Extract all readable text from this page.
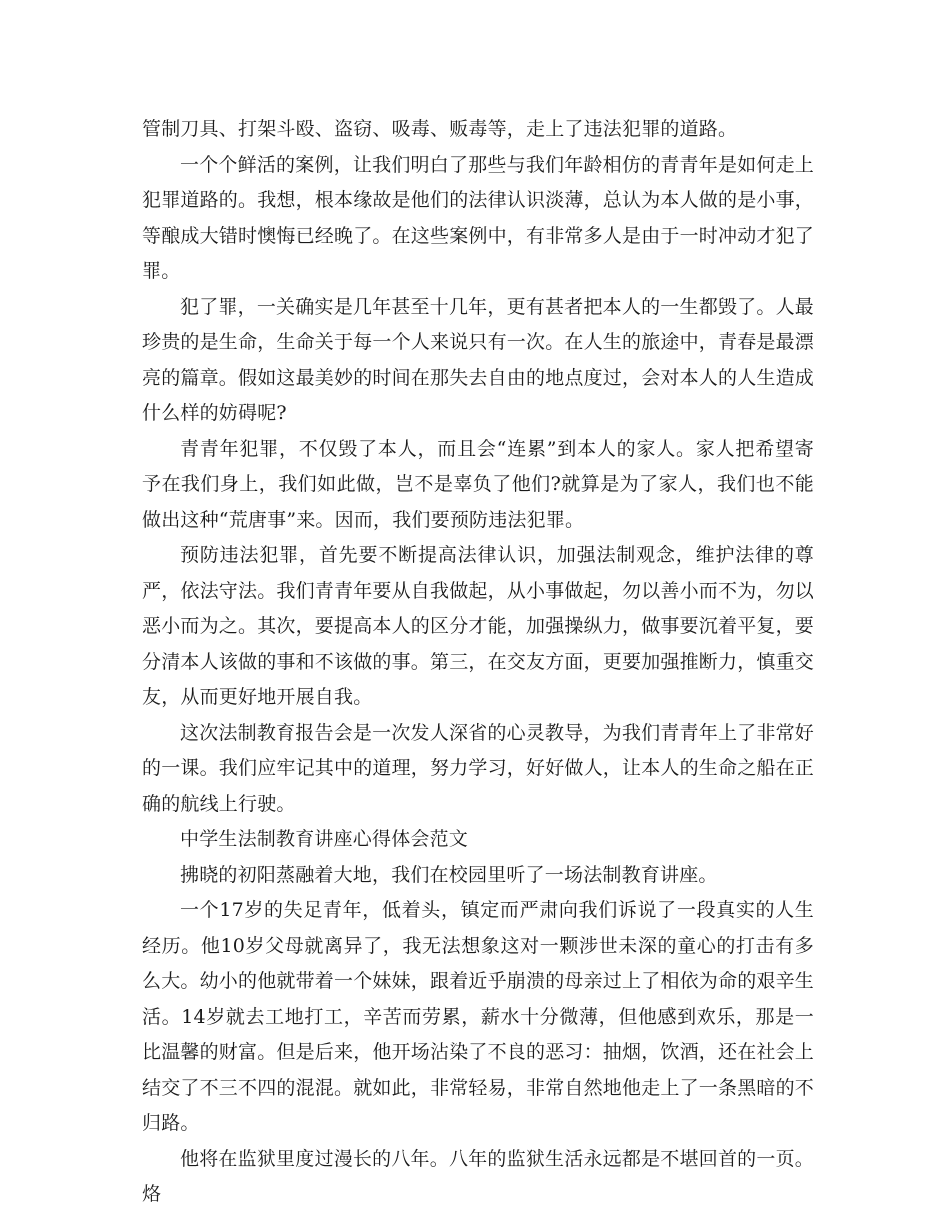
管制刀具、打架斗殴、盗窃、吸毒、贩毒等，走上了违法犯罪的道路。

一个个鲜活的案例，让我们明白了那些与我们年龄相仿的青青年是如何走上犯罪道路的。我想，根本缘故是他们的法律认识淡薄，总认为本人做的是小事，等酿成大错时懊悔已经晚了。在这些案例中，有非常多人是由于一时冲动才犯了罪。

犯了罪，一关确实是几年甚至十几年，更有甚者把本人的一生都毁了。人最珍贵的是生命，生命关于每一个人来说只有一次。在人生的旅途中，青春是最漂亮的篇章。假如这最美妙的时间在那失去自由的地点度过，会对本人的人生造成什么样的妨碍呢?

青青年犯罪，不仅毁了本人，而且会“连累”到本人的家人。家人把希望寄予在我们身上，我们如此做，岂不是辜负了他们?就算是为了家人，我们也不能做出这种“荒唐事”来。因而，我们要预防违法犯罪。

预防违法犯罪，首先要不断提高法律认识，加强法制观念，维护法律的尊严，依法守法。我们青青年要从自我做起，从小事做起，勿以善小而不为，勿以恶小而为之。其次，要提高本人的区分才能，加强操纵力，做事要沉着平复，要分清本人该做的事和不该做的事。第三，在交友方面，更要加强推断力，慎重交友，从而更好地开展自我。

这次法制教育报告会是一次发人深省的心灵教导，为我们青青年上了非常好的一课。我们应牢记其中的道理，努力学习，好好做人，让本人的生命之船在正确的航线上行驶。

中学生法制教育讲座心得体会范文

拂晓的初阳蒸融着大地，我们在校园里听了一场法制教育讲座。

一个17岁的失足青年，低着头，镇定而严肃向我们诉说了一段真实的人生经历。他10岁父母就离异了，我无法想象这对一颗涉世未深的童心的打击有多么大。幼小的他就带着一个妹妹，跟着近乎崩溃的母亲过上了相依为命的艰辛生活。14岁就去工地打工，辛苦而劳累，薪水十分微薄，但他感到欢乐，那是一比温馨的财富。但是后来，他开场沾染了不良的恶习：抽烟，饮酒，还在社会上结交了不三不四的混混。就如此，非常轻易，非常自然地他走上了一条黑暗的不归路。

他将在监狱里度过漫长的八年。八年的监狱生活永远都是不堪回首的一页。烙
